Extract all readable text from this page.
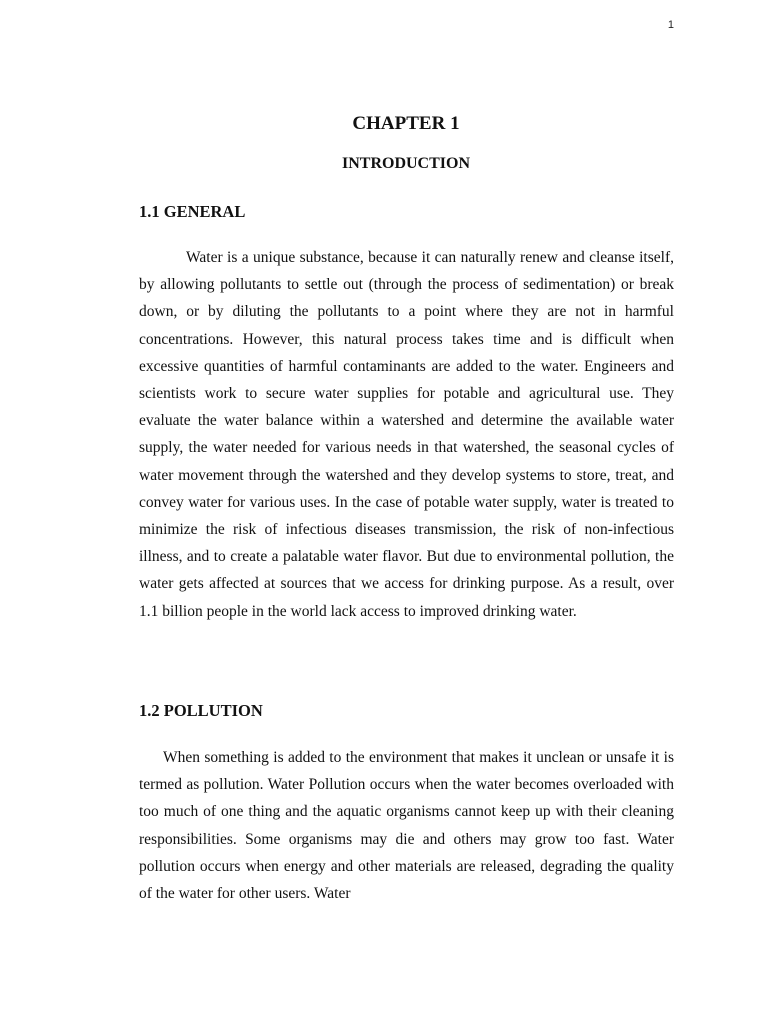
1
CHAPTER 1
INTRODUCTION
1.1 GENERAL

Water is a unique substance, because it can naturally renew and cleanse itself, by allowing pollutants to settle out (through the process of sedimentation) or break down, or by diluting the pollutants to a point where they are not in harmful concentrations. However, this natural process takes time and is difficult when excessive quantities of harmful contaminants are added to the water. Engineers and scientists work to secure water supplies for potable and agricultural use. They evaluate the water balance within a watershed and determine the available water supply, the water needed for various needs in that watershed, the seasonal cycles of water movement through the watershed and they develop systems to store, treat, and convey water for various uses. In the case of potable water supply, water is treated to minimize the risk of infectious diseases transmission, the risk of non-infectious illness, and to create a palatable water flavor. But due to environmental pollution, the water gets affected at sources that we access for drinking purpose. As a result, over 1.1 billion people in the world lack access to improved drinking water.

1.2 POLLUTION

When something is added to the environment that makes it unclean or unsafe it is termed as pollution. Water Pollution occurs when the water becomes overloaded with too much of one thing and the aquatic organisms cannot keep up with their cleaning responsibilities. Some organisms may die and others may grow too fast. Water pollution occurs when energy and other materials are released, degrading the quality of the water for other users. Water
